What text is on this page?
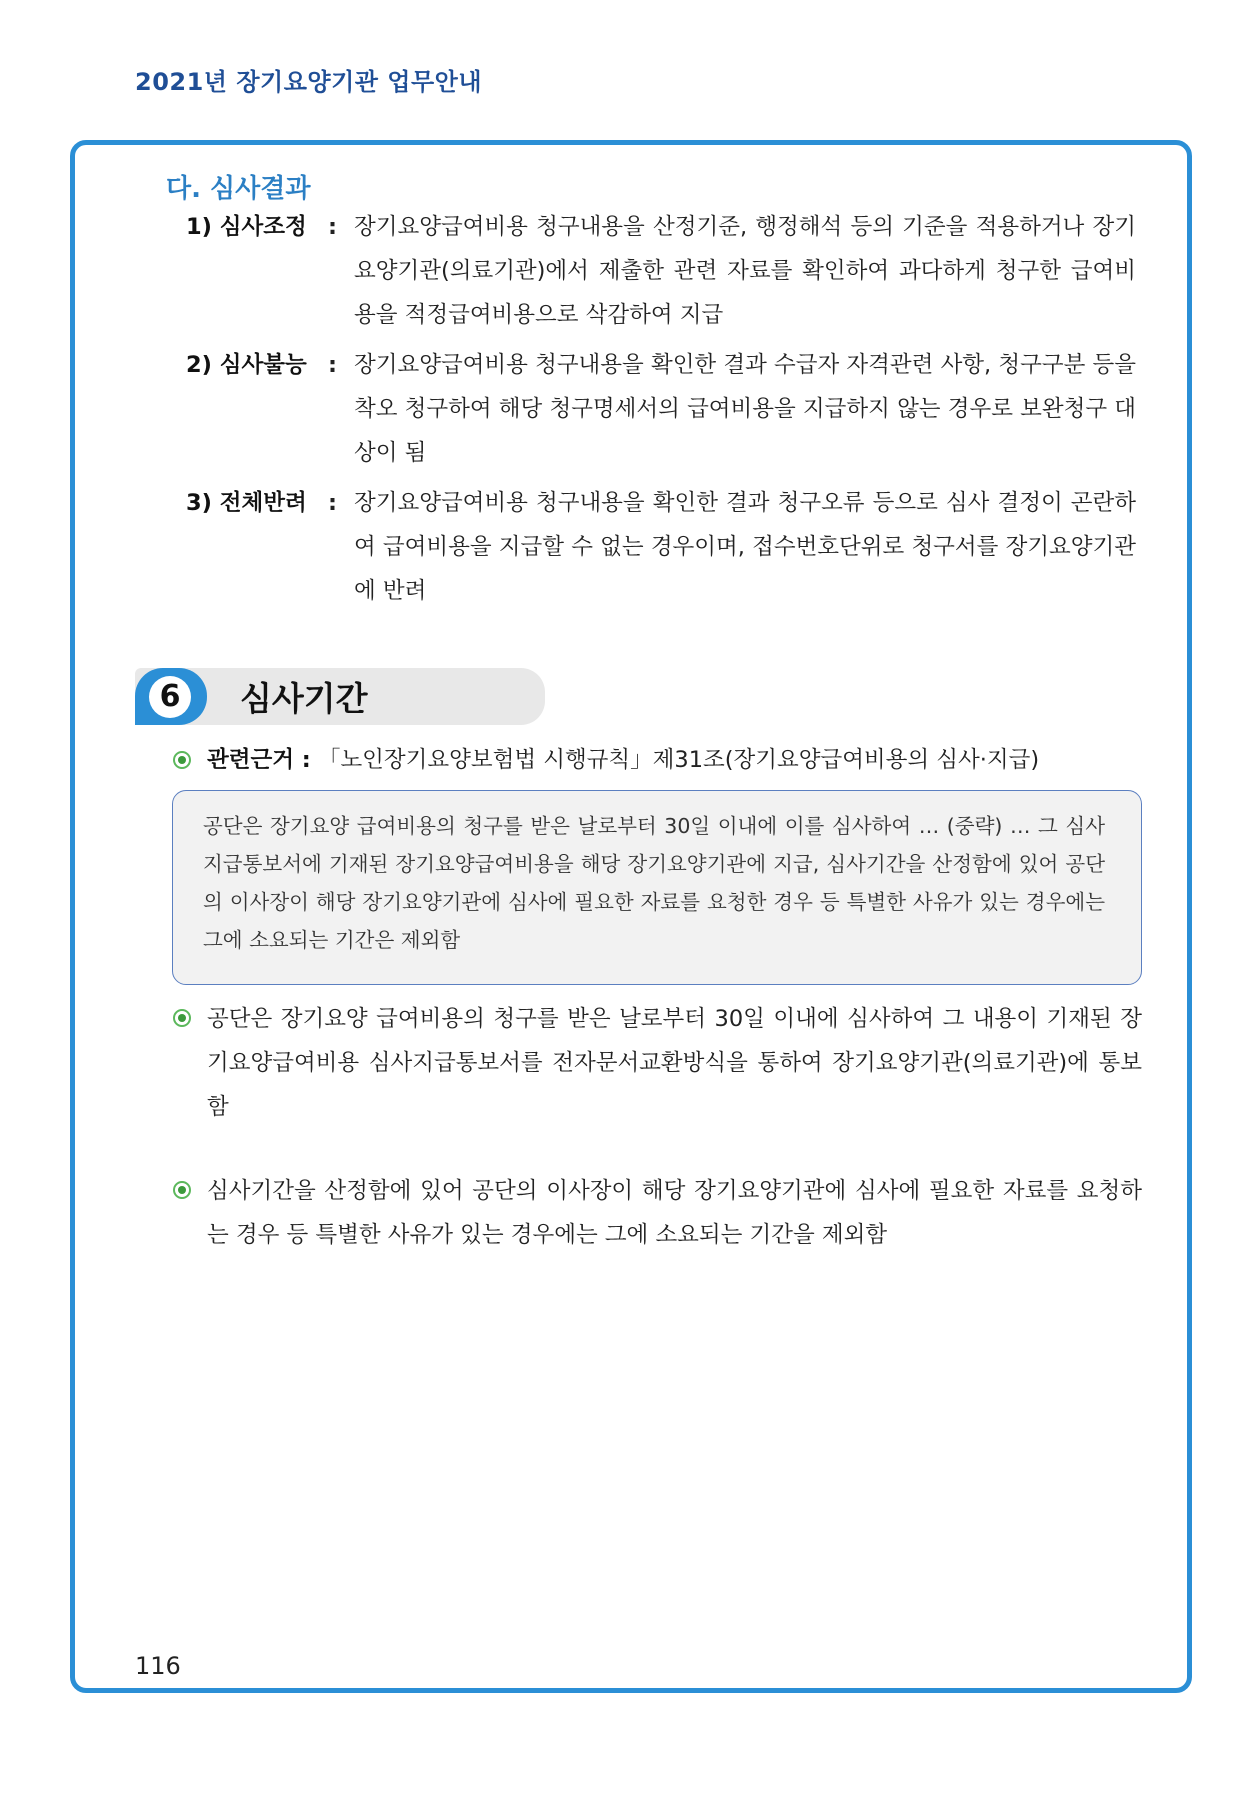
2021년 장기요양기관 업무안내
다. 심사결과
1) 심사조정 : 장기요양급여비용 청구내용을 산정기준, 행정해석 등의 기준을 적용하거나 장기요양기관(의료기관)에서 제출한 관련 자료를 확인하여 과다하게 청구한 급여비용을 적정급여비용으로 삭감하여 지급
2) 심사불능 : 장기요양급여비용 청구내용을 확인한 결과 수급자 자격관련 사항, 청구구분 등을 착오 청구하여 해당 청구명세서의 급여비용을 지급하지 않는 경우로 보완청구 대상이 됨
3) 전체반려 : 장기요양급여비용 청구내용을 확인한 결과 청구오류 등으로 심사 결정이 곤란하여 급여비용을 지급할 수 없는 경우이며, 접수번호단위로 청구서를 장기요양기관에 반려
6	심사기간
관련근거 : 「노인장기요양보험법 시행규칙」제31조(장기요양급여비용의 심사·지급)
공단은 장기요양 급여비용의 청구를 받은 날로부터 30일 이내에 이를 심사하여 … (중략) … 그 심사지급통보서에 기재된 장기요양급여비용을 해당 장기요양기관에 지급, 심사기간을 산정함에 있어 공단의 이사장이 해당 장기요양기관에 심사에 필요한 자료를 요청한 경우 등 특별한 사유가 있는 경우에는 그에 소요되는 기간은 제외함
공단은 장기요양 급여비용의 청구를 받은 날로부터 30일 이내에 심사하여 그 내용이 기재된 장기요양급여비용 심사지급통보서를 전자문서교환방식을 통하여 장기요양기관(의료기관)에 통보함
심사기간을 산정함에 있어 공단의 이사장이 해당 장기요양기관에 심사에 필요한 자료를 요청하는 경우 등 특별한 사유가 있는 경우에는 그에 소요되는 기간을 제외함
116
